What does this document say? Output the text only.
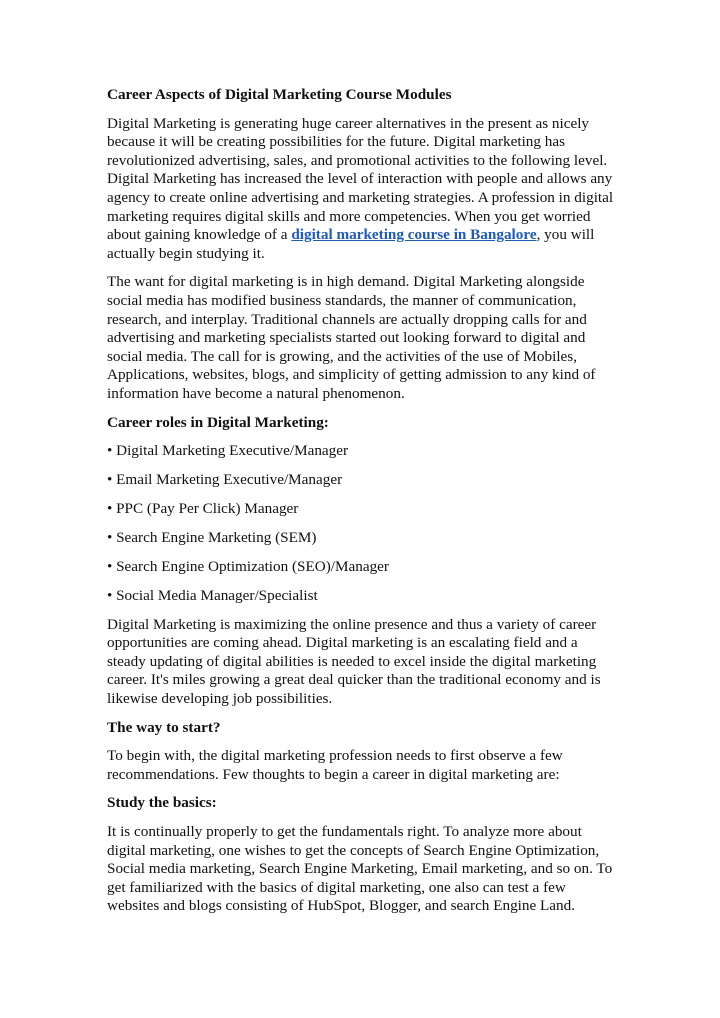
Career Aspects of Digital Marketing Course Modules

Digital Marketing is generating huge career alternatives in the present as nicely because it will be creating possibilities for the future. Digital marketing has revolutionized advertising, sales, and promotional activities to the following level. Digital Marketing has increased the level of interaction with people and allows any agency to create online advertising and marketing strategies. A profession in digital marketing requires digital skills and more competencies. When you get worried about gaining knowledge of a digital marketing course in Bangalore, you will actually begin studying it.

The want for digital marketing is in high demand. Digital Marketing alongside social media has modified business standards, the manner of communication, research, and interplay. Traditional channels are actually dropping calls for and advertising and marketing specialists started out looking forward to digital and social media. The call for is growing, and the activities of the use of Mobiles, Applications, websites, blogs, and simplicity of getting admission to any kind of information have become a natural phenomenon.

Career roles in Digital Marketing:
• Digital Marketing Executive/Manager
• Email Marketing Executive/Manager
• PPC (Pay Per Click) Manager
• Search Engine Marketing (SEM)
• Search Engine Optimization (SEO)/Manager
• Social Media Manager/Specialist

Digital Marketing is maximizing the online presence and thus a variety of career opportunities are coming ahead. Digital marketing is an escalating field and a steady updating of digital abilities is needed to excel inside the digital marketing career. It's miles growing a great deal quicker than the traditional economy and is likewise developing job possibilities.

The way to start?

To begin with, the digital marketing profession needs to first observe a few recommendations. Few thoughts to begin a career in digital marketing are:

Study the basics:

It is continually properly to get the fundamentals right. To analyze more about digital marketing, one wishes to get the concepts of Search Engine Optimization, Social media marketing, Search Engine Marketing, Email marketing, and so on. To get familiarized with the basics of digital marketing, one also can test a few websites and blogs consisting of HubSpot, Blogger, and search Engine Land.
